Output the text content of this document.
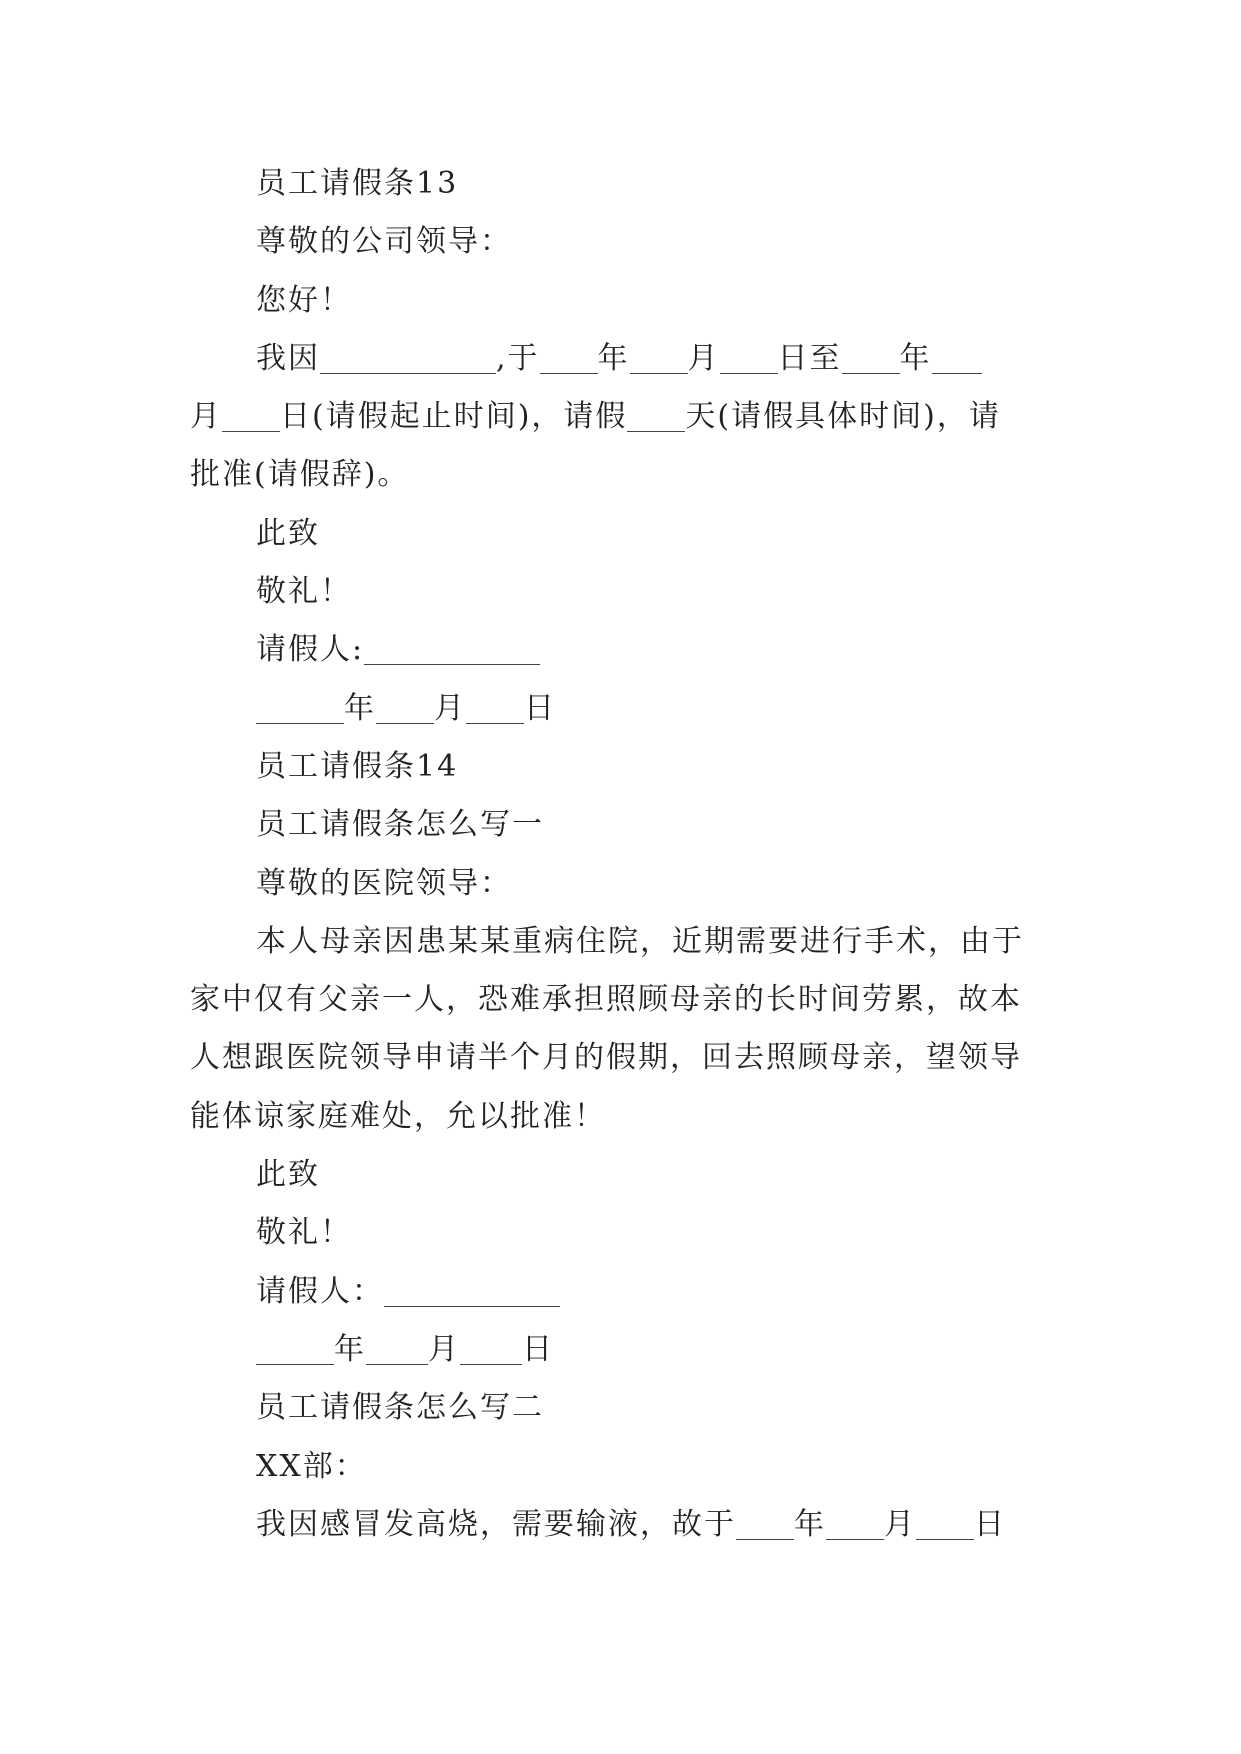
员工请假条13
尊敬的公司领导：
您好！
我因	,于 年 月 日至 年
月 日(请假起止时间)，请假 天(请假具体时间)，请
批准(请假辞)。
此致
敬礼！
请假人:
年 月 日
员工请假条14
员工请假条怎么写一
尊敬的医院领导：
本人母亲因患某某重病住院，近期需要进行手术，由于
家中仅有父亲一人，恐难承担照顾母亲的长时间劳累，故本
人想跟医院领导申请半个月的假期，回去照顾母亲，望领导
能体谅家庭难处，允以批准！
此致
敬礼！
请假人：
年 月 日
员工请假条怎么写二
XX部：
我因感冒发高烧，需要输液，故于 年 月 日
